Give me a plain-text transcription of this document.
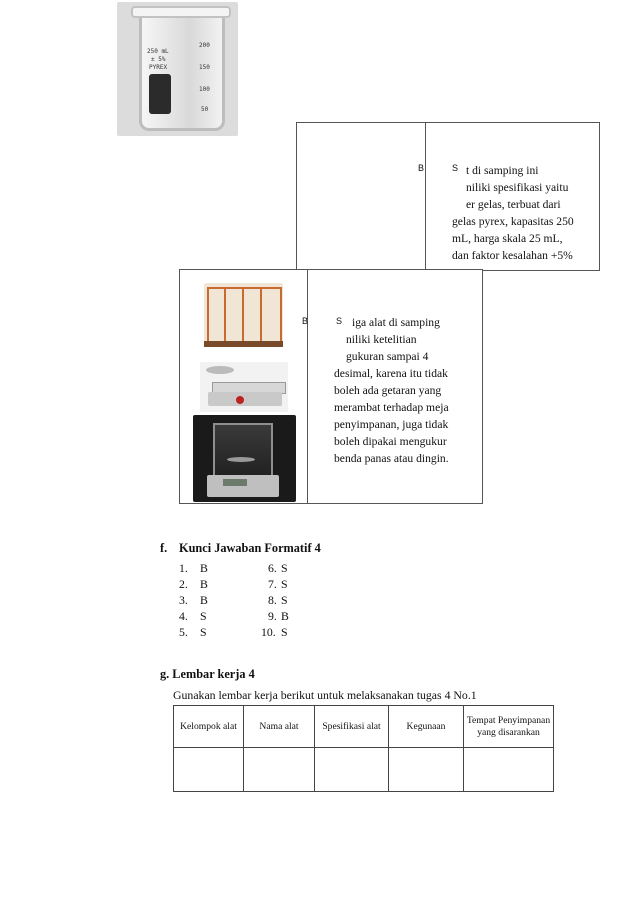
250 mL
± 5%
PYREX
200
150
100
50
B	S t di samping ini
niliki spesifikasi yaitu
er gelas, terbuat dari
gelas pyrex, kapasitas 250
mL, harga skala 25 mL,
dan faktor kesalahan +5%
B	S iga alat di samping
niliki ketelitian
gukuran sampai 4
desimal, karena itu tidak
boleh ada getaran yang
merambat terhadap meja
penyimpanan, juga tidak
boleh dipakai mengukur
benda panas atau dingin.
f. Kunci Jawaban Formatif 4
1. B
2. B
3. B
4. S
5. S
6. S
7. S
8. S
9. B
10. S
g. Lembar kerja 4
Gunakan lembar kerja berikut untuk melaksanakan tugas 4 No.1
Kelompok alat	Nama alat	Spesifikasi alat	Kegunaan	Tempat Penyimpanan yang disarankan
